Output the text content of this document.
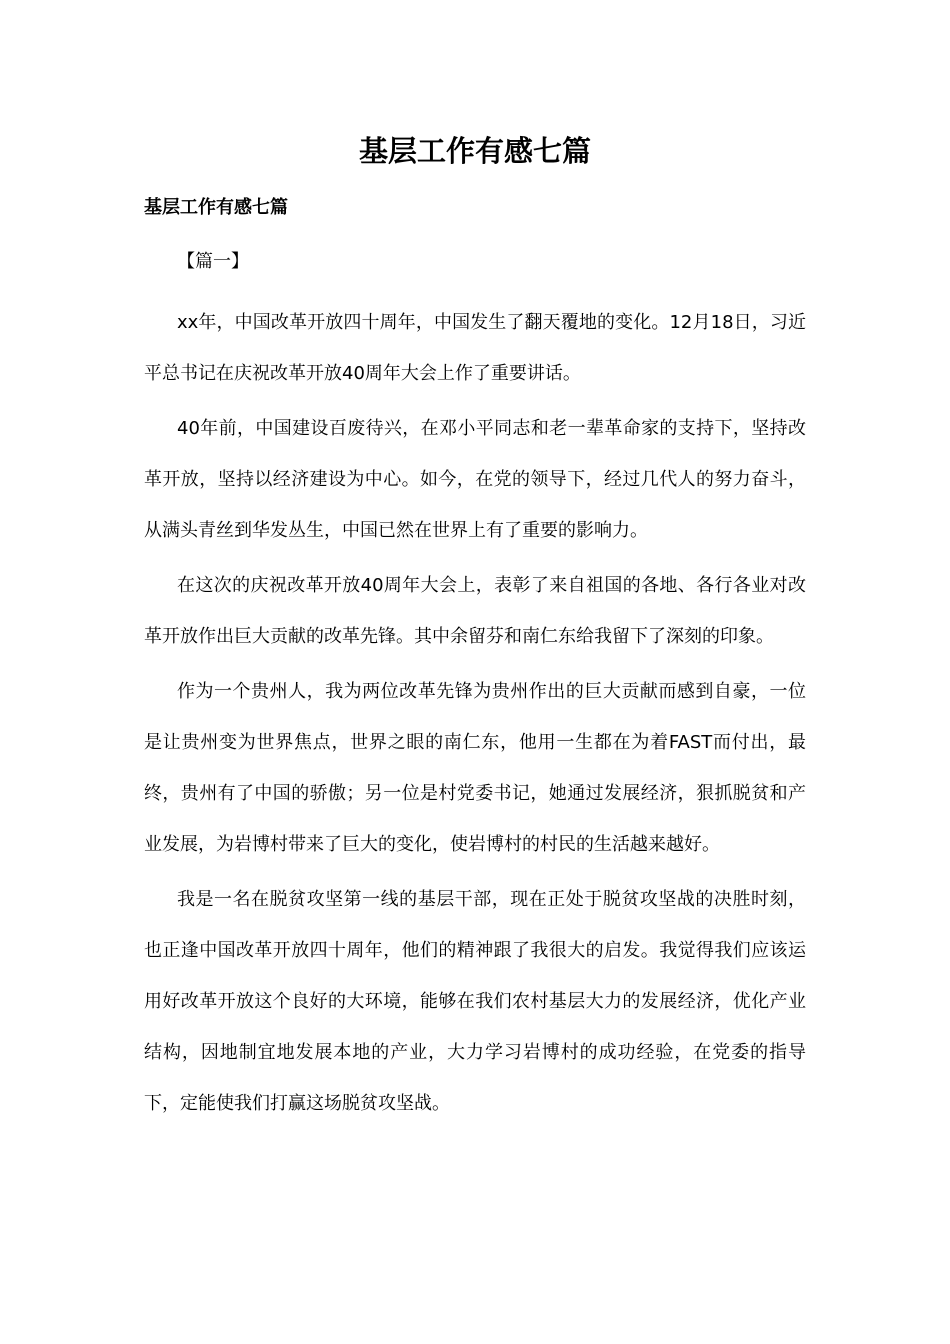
基层工作有感七篇
基层工作有感七篇
【篇一】

xx年，中国改革开放四十周年，中国发生了翻天覆地的变化。12月18日，习近平总书记在庆祝改革开放40周年大会上作了重要讲话。

40年前，中国建设百废待兴，在邓小平同志和老一辈革命家的支持下，坚持改革开放，坚持以经济建设为中心。如今，在党的领导下，经过几代人的努力奋斗，从满头青丝到华发丛生，中国已然在世界上有了重要的影响力。

在这次的庆祝改革开放40周年大会上，表彰了来自祖国的各地、各行各业对改革开放作出巨大贡献的改革先锋。其中余留芬和南仁东给我留下了深刻的印象。

作为一个贵州人，我为两位改革先锋为贵州作出的巨大贡献而感到自豪，一位是让贵州变为世界焦点，世界之眼的南仁东，他用一生都在为着FAST而付出，最终，贵州有了中国的骄傲；另一位是村党委书记，她通过发展经济，狠抓脱贫和产业发展，为岩博村带来了巨大的变化，使岩博村的村民的生活越来越好。

我是一名在脱贫攻坚第一线的基层干部，现在正处于脱贫攻坚战的决胜时刻，也正逢中国改革开放四十周年，他们的精神跟了我很大的启发。我觉得我们应该运用好改革开放这个良好的大环境，能够在我们农村基层大力的发展经济，优化产业结构，因地制宜地发展本地的产业，大力学习岩博村的成功经验，在党委的指导下，定能使我们打赢这场脱贫攻坚战。
